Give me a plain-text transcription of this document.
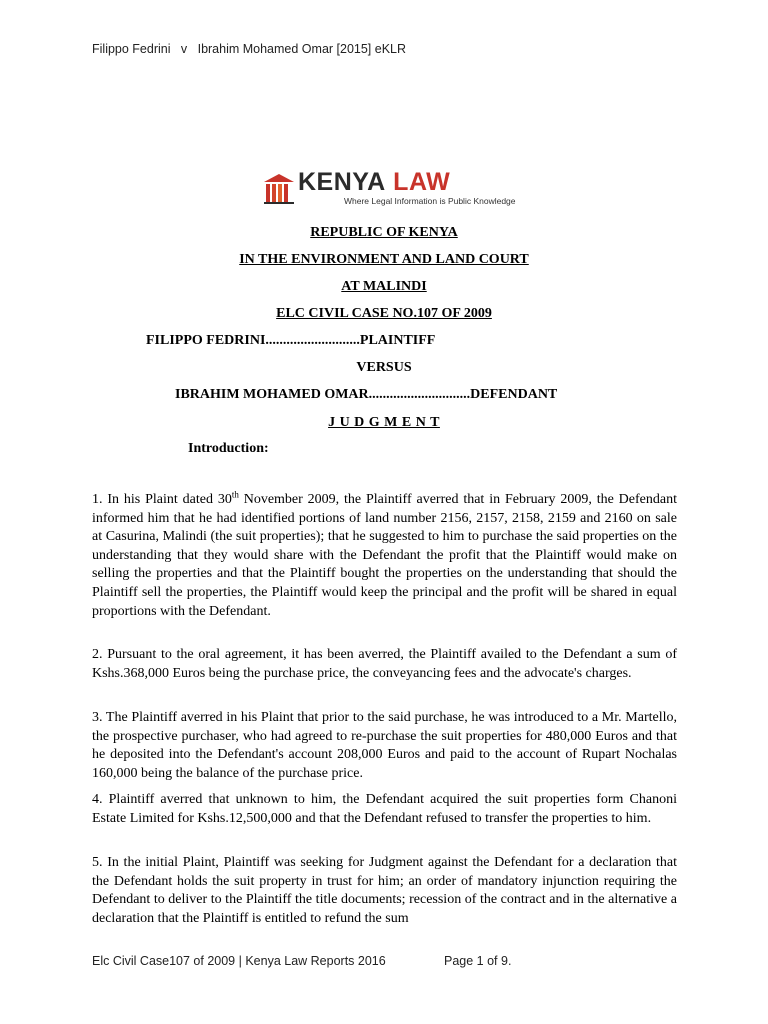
Filippo Fedrini   v   Ibrahim Mohamed Omar [2015] eKLR
KENYA LAW
Where Legal Information is Public Knowledge
REPUBLIC OF KENYA
IN THE ENVIRONMENT AND LAND COURT
AT MALINDI
ELC CIVIL CASE NO.107 OF 2009
FILIPPO FEDRINI...........................PLAINTIFF
VERSUS
IBRAHIM MOHAMED OMAR.............................DEFENDANT
J U D G M E N T
Introduction:
1. In his Plaint dated 30th November 2009, the Plaintiff averred that in February 2009, the Defendant informed him that he had identified portions of land number 2156, 2157, 2158, 2159 and 2160 on sale at Casurina, Malindi (the suit properties); that he suggested to him to purchase the said properties on the understanding that they would share with the Defendant the profit that the Plaintiff would make on selling the properties and that the Plaintiff bought the properties on the understanding that should the Plaintiff sell the properties, the Plaintiff would keep the principal and the profit will be shared in equal proportions with the Defendant.
2. Pursuant to the oral agreement, it has been averred, the Plaintiff availed to the Defendant a sum of Kshs.368,000 Euros being the purchase price, the conveyancing fees and the advocate's charges.
3. The Plaintiff averred in his Plaint that prior to the said purchase, he was introduced to a Mr. Martello, the prospective purchaser, who had agreed to re-purchase the suit properties for 480,000 Euros and that he deposited into the Defendant's account 208,000 Euros and paid to the account of Rupart Nochalas 160,000 being the balance of the purchase price.
4. Plaintiff averred that unknown to him, the Defendant acquired the suit properties form Chanoni Estate Limited for Kshs.12,500,000 and that the Defendant refused to transfer the properties to him.
5. In the initial Plaint, Plaintiff was seeking for Judgment against the Defendant for a declaration that the Defendant holds the suit property in trust for him; an order of mandatory injunction requiring the Defendant to deliver to the Plaintiff the title documents; recession of the contract and in the alternative a declaration that the Plaintiff is entitled to refund the sum
Elc Civil Case107 of 2009 | Kenya Law Reports 2016	Page 1 of 9.
